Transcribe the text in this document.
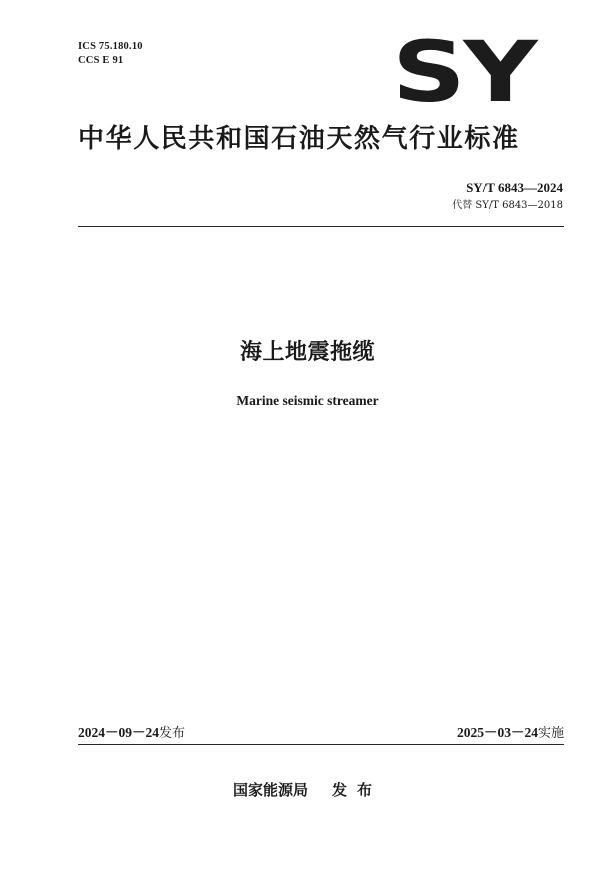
ICS 75.180.10
CCS E 91	SY
中华人民共和国石油天然气行业标准
SY/T 6843—2024
代替 SY/T 6843—2018
海上地震拖缆
Marine seismic streamer
2024－09－24发布	2025－03－24实施
国家能源局 发布
